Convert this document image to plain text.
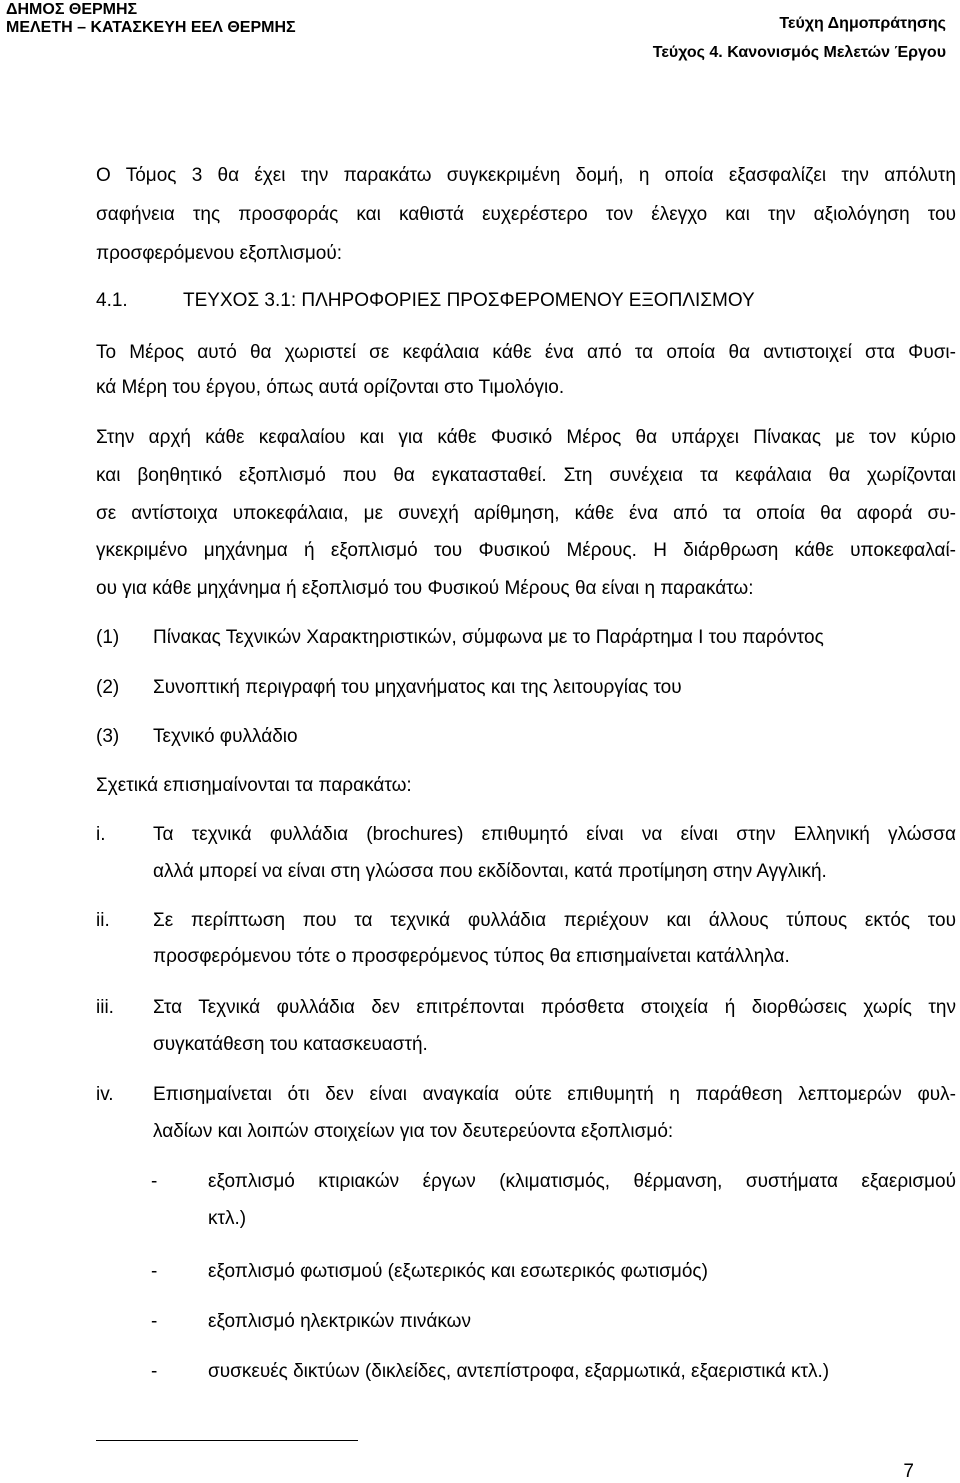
ΔΗΜΟΣ ΘΕΡΜΗΣ
ΜΕΛΕΤΗ – ΚΑΤΑΣΚΕΥΗ ΕΕΛ ΘΕΡΜΗΣ	Τεύχη Δημοπράτησης
Τεύχος 4. Κανονισμός Μελετών Έργου
Ο Τόμος 3 θα έχει την παρακάτω συγκεκριμένη δομή, η οποία εξασφαλίζει την απόλυτη
σαφήνεια της προσφοράς και καθιστά ευχερέστερο τον έλεγχο και την αξιολόγηση του
προσφερόμενου εξοπλισμού:
4.1.	ΤΕΥΧΟΣ 3.1: ΠΛΗΡΟΦΟΡΙΕΣ ΠΡΟΣΦΕΡΟΜΕΝΟΥ ΕΞΟΠΛΙΣΜΟΥ
Το Μέρος αυτό θα χωριστεί σε κεφάλαια κάθε ένα από τα οποία θα αντιστοιχεί στα Φυσι-
κά Μέρη του έργου, όπως αυτά ορίζονται στο Τιμολόγιο.
Στην αρχή κάθε κεφαλαίου και για κάθε Φυσικό Μέρος θα υπάρχει Πίνακας με τον κύριο
και βοηθητικό εξοπλισμό που θα εγκατασταθεί. Στη συνέχεια τα κεφάλαια θα χωρίζονται
σε αντίστοιχα υποκεφάλαια, με συνεχή αρίθμηση, κάθε ένα από τα οποία θα αφορά συ-
γκεκριμένο μηχάνημα ή εξοπλισμό του Φυσικού Μέρους. Η διάρθρωση κάθε υποκεφαλαί-
ου για κάθε μηχάνημα ή εξοπλισμό του Φυσικού Μέρους θα είναι η παρακάτω:
(1) Πίνακας Τεχνικών Χαρακτηριστικών, σύμφωνα με το Παράρτημα Ι του παρόντος
(2) Συνοπτική περιγραφή του μηχανήματος και της λειτουργίας του
(3) Τεχνικό φυλλάδιο
Σχετικά επισημαίνονται τα παρακάτω:
i.	Τα τεχνικά φυλλάδια (brochures) επιθυμητό είναι να είναι στην Ελληνική γλώσσα
αλλά μπορεί να είναι στη γλώσσα που εκδίδονται, κατά προτίμηση στην Αγγλική.
ii. Σε περίπτωση που τα τεχνικά φυλλάδια περιέχουν και άλλους τύπους εκτός του
προσφερόμενου τότε ο προσφερόμενος τύπος θα επισημαίνεται κατάλληλα.
iii. Στα Τεχνικά φυλλάδια δεν επιτρέπονται πρόσθετα στοιχεία ή διορθώσεις χωρίς την
συγκατάθεση του κατασκευαστή.
iv. Επισημαίνεται ότι δεν είναι αναγκαία ούτε επιθυμητή η παράθεση λεπτομερών φυλ-
λαδίων και λοιπών στοιχείων για τον δευτερεύοντα εξοπλισμό:
-	εξοπλισμό κτιριακών έργων (κλιματισμός, θέρμανση, συστήματα εξαερισμού
κτλ.)
-	εξοπλισμό φωτισμού (εξωτερικός και εσωτερικός φωτισμός)
-	εξοπλισμό ηλεκτρικών πινάκων
-	συσκευές δικτύων (δικλείδες, αντεπίστροφα, εξαρμωτικά, εξαεριστικά κτλ.)
7
